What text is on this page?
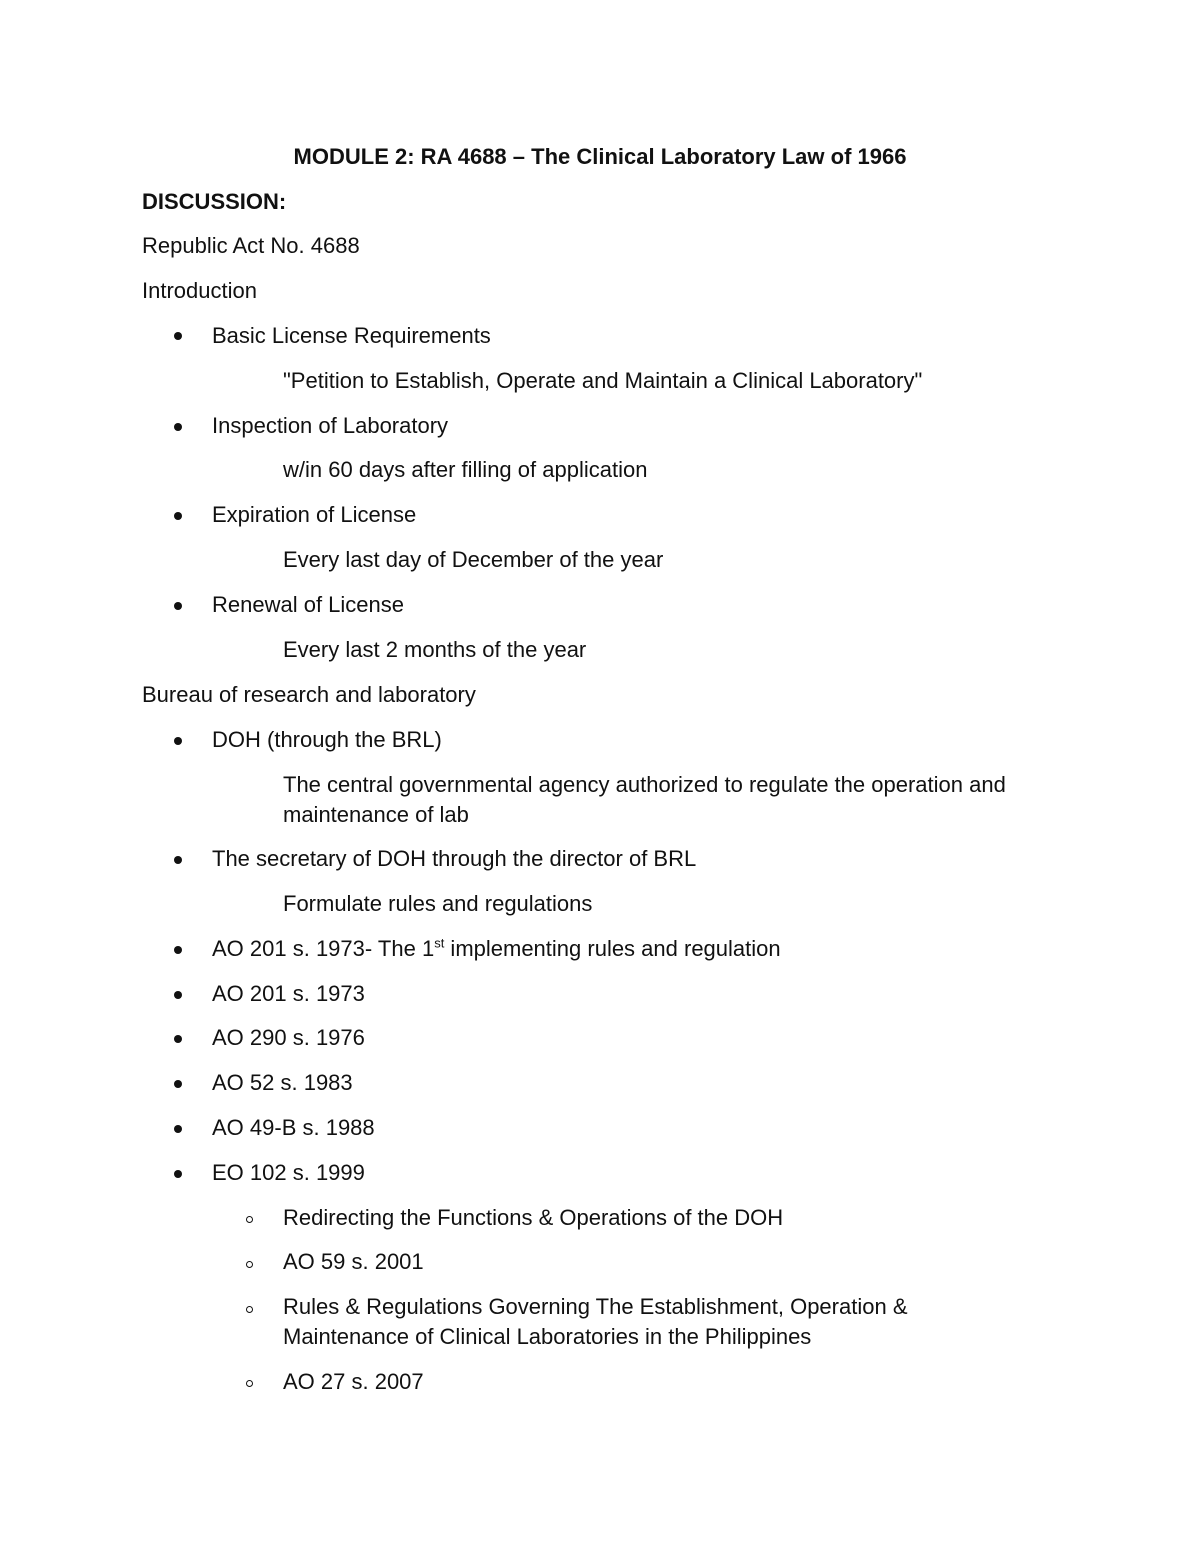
MODULE 2: RA 4688 – The Clinical Laboratory Law of 1966
DISCUSSION:
Republic Act No. 4688
Introduction
Basic License Requirements
"Petition to Establish, Operate and Maintain a Clinical Laboratory"
Inspection of Laboratory
w/in 60 days after filling of application
Expiration of License
Every last day of December of the year
Renewal of License
Every last 2 months of the year
Bureau of research and laboratory
DOH (through the BRL)
The central governmental agency authorized to regulate the operation and
maintenance of lab
The secretary of DOH through the director of BRL
Formulate rules and regulations
AO 201 s. 1973- The 1st implementing rules and regulation
AO 201 s. 1973
AO 290 s. 1976
AO 52 s. 1983
AO 49-B s. 1988
EO 102 s. 1999
Redirecting the Functions & Operations of the DOH
AO 59 s. 2001
Rules & Regulations Governing The Establishment, Operation &
Maintenance of Clinical Laboratories in the Philippines
AO 27 s. 2007
